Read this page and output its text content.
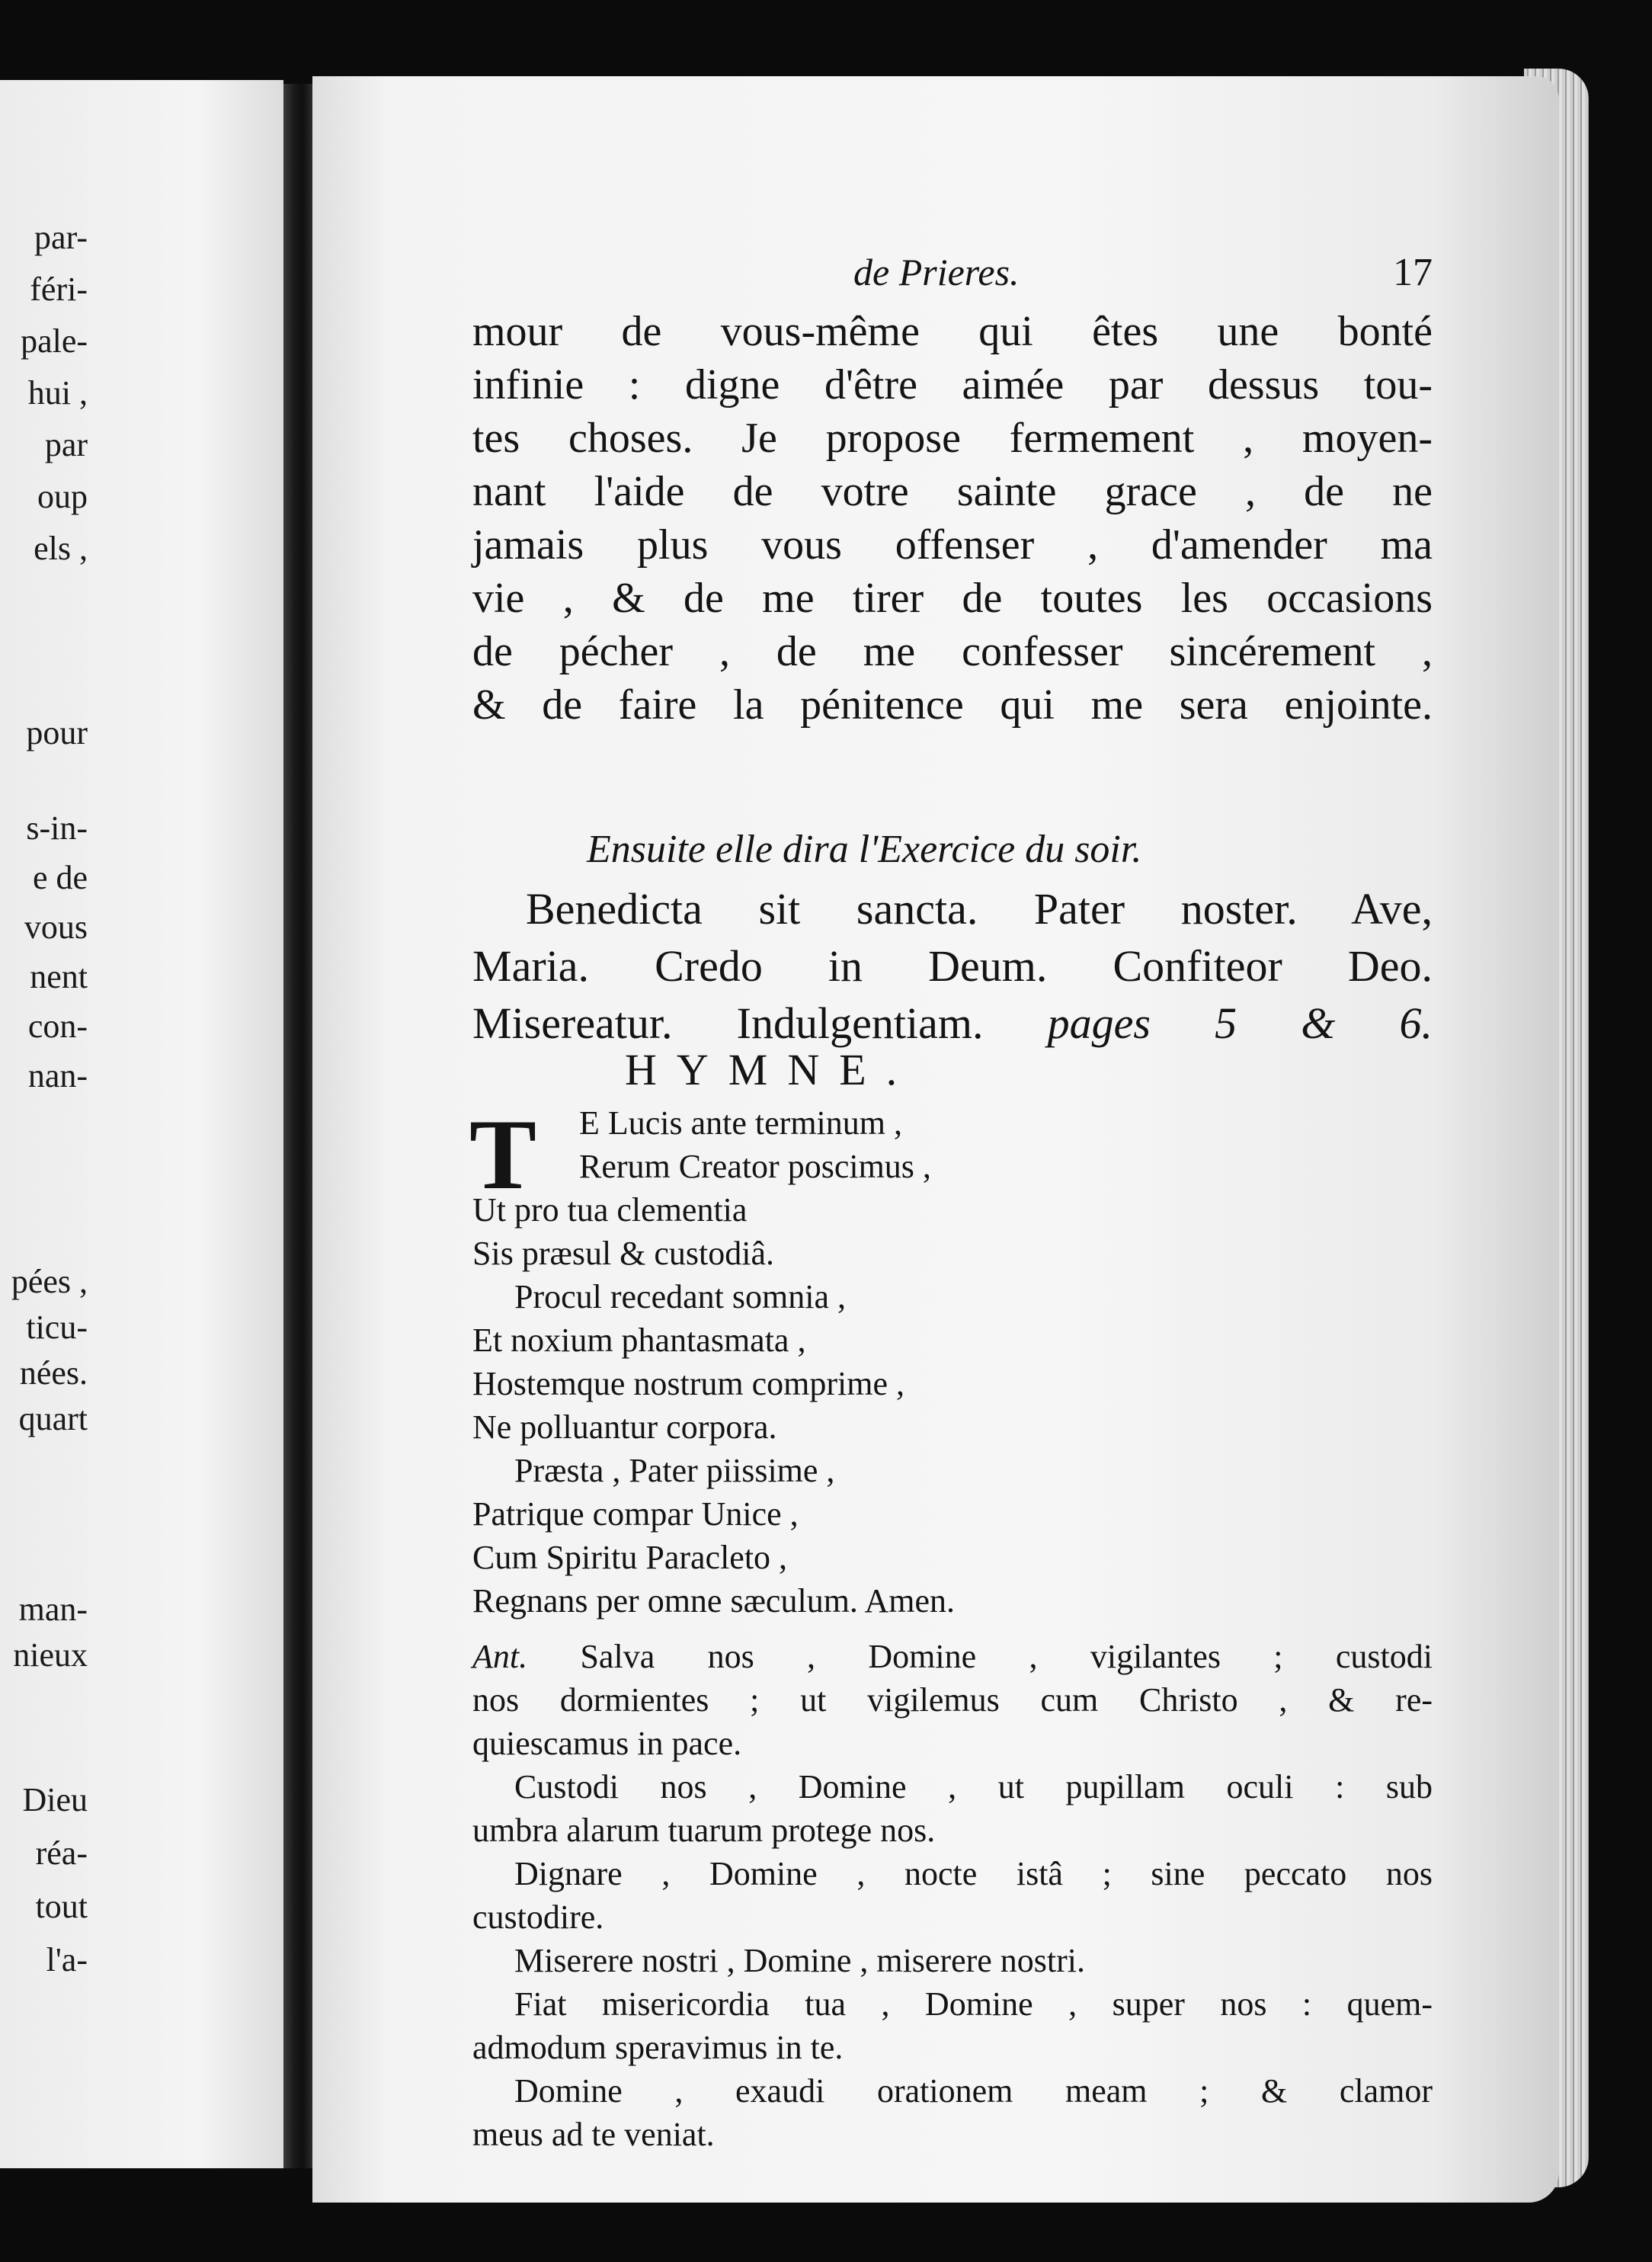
par-
féri-
pale-
hui ,
par
oup
els ,
pour
s-in-
e de
vous
nent
con-
nan-
pées ,
ticu-
nées.
quart
man-
nieux
Dieu
réa-
tout
l'a-
de Prieres.	17
mour de vous-même qui êtes une bonté
infinie : digne d'être aimée par dessus tou-
tes choses. Je propose fermement , moyen-
nant l'aide de votre sainte grace , de ne
jamais plus vous offenser , d'amender ma
vie , & de me tirer de toutes les occasions
de pécher , de me confesser sincérement ,
& de faire la pénitence qui me sera enjointe.
Ensuite elle dira l'Exercice du soir.
Benedicta sit sancta. Pater noster. Ave,
Maria. Credo in Deum. Confiteor Deo.
Misereatur. Indulgentiam. pages 5 & 6.
HYMNE.
T	E Lucis ante terminum ,
Rerum Creator poscimus ,
Ut pro tua clementia
Sis præsul & custodiâ.
Procul recedant somnia ,
Et noxium phantasmata ,
Hostemque nostrum comprime ,
Ne polluantur corpora.
Præsta , Pater piissime ,
Patrique compar Unice ,
Cum Spiritu Paracleto ,
Regnans per omne sæculum. Amen.
Ant. Salva nos , Domine , vigilantes ; custodi
nos dormientes ; ut vigilemus cum Christo , & re-
quiescamus in pace.
Custodi nos , Domine , ut pupillam oculi : sub
umbra alarum tuarum protege nos.
Dignare , Domine , nocte istâ ; sine peccato nos
custodire.
Miserere nostri , Domine , miserere nostri.
Fiat misericordia tua , Domine , super nos : quem-
admodum speravimus in te.
Domine , exaudi orationem meam ; & clamor
meus ad te veniat.
